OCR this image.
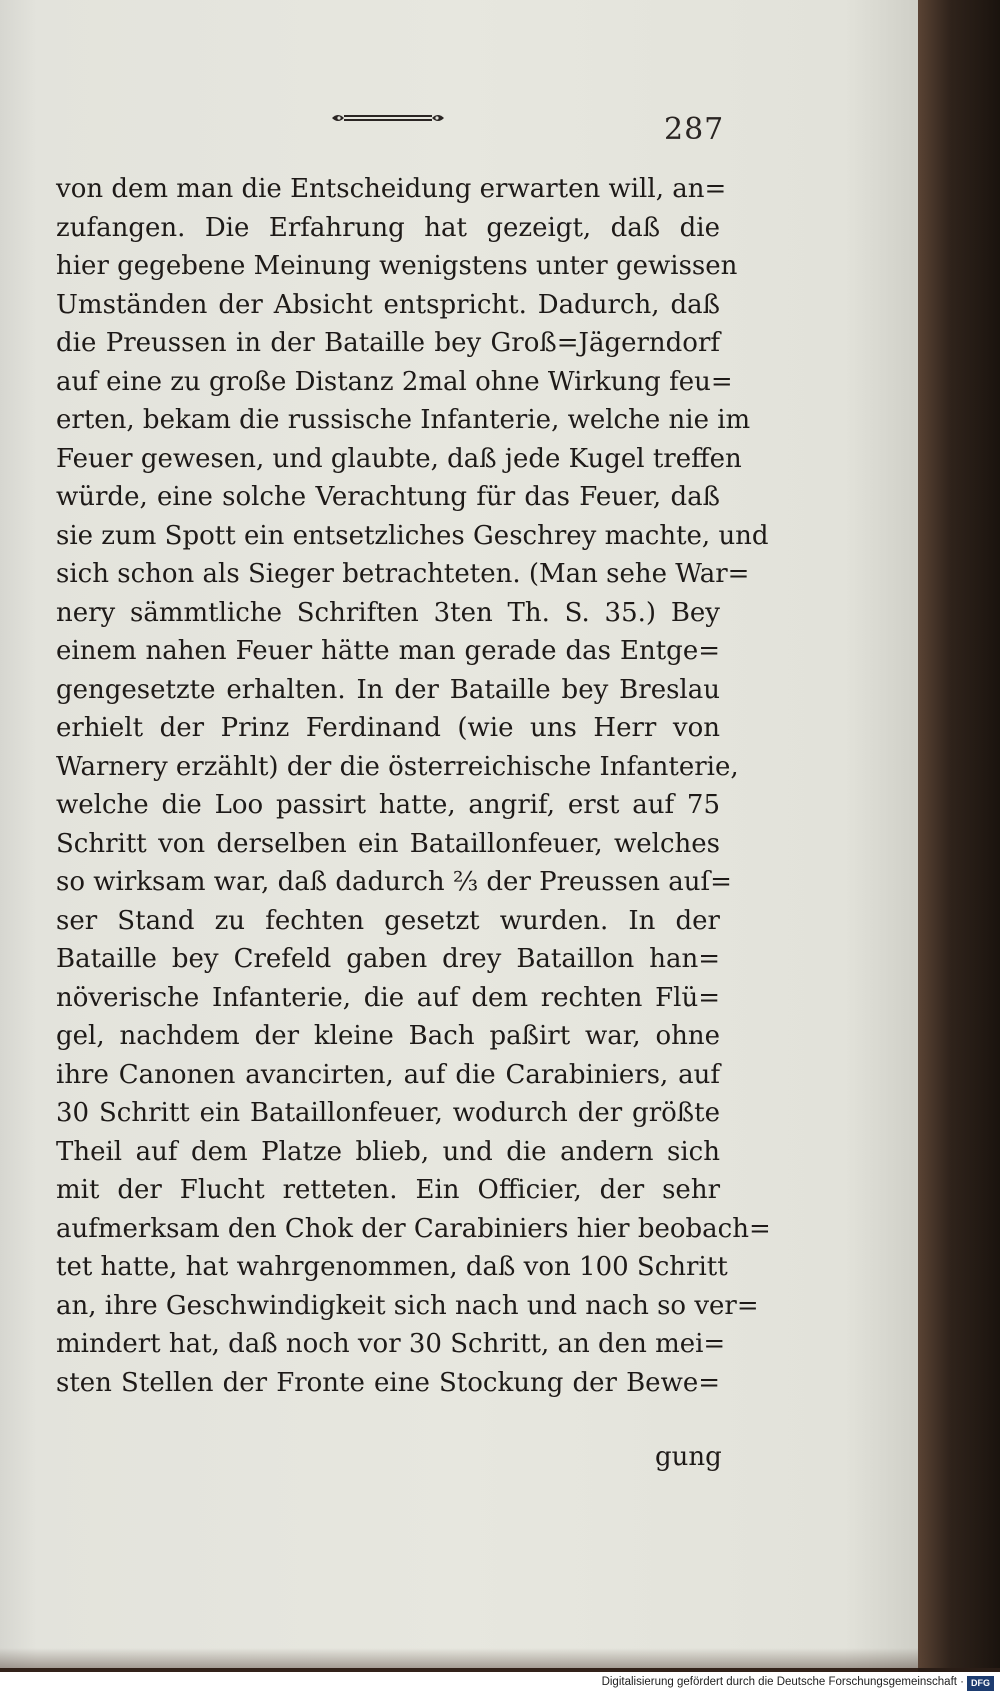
287
von dem man die Entscheidung erwarten will, an=
zufangen. Die Erfahrung hat gezeigt, daß die
hier gegebene Meinung wenigstens unter gewissen
Umständen der Absicht entspricht. Dadurch, daß
die Preussen in der Bataille bey Groß=Jägerndorf
auf eine zu große Distanz 2mal ohne Wirkung feu=
erten, bekam die russische Infanterie, welche nie im
Feuer gewesen, und glaubte, daß jede Kugel treffen
würde, eine solche Verachtung für das Feuer, daß
sie zum Spott ein entsetzliches Geschrey machte, und
sich schon als Sieger betrachteten. (Man sehe War=
nery sämmtliche Schriften 3ten Th. S. 35.) Bey
einem nahen Feuer hätte man gerade das Entge=
gengesetzte erhalten. In der Bataille bey Breslau
erhielt der Prinz Ferdinand (wie uns Herr von
Warnery erzählt) der die österreichische Infanterie,
welche die Loo passirt hatte, angrif, erst auf 75
Schritt von derselben ein Bataillonfeuer, welches
so wirksam war, daß dadurch ⅔ der Preussen auſ=
ser Stand zu fechten gesetzt wurden. In der
Bataille bey Crefeld gaben drey Bataillon han=
növerische Infanterie, die auf dem rechten Flü=
gel, nachdem der kleine Bach paßirt war, ohne
ihre Canonen avancirten, auf die Carabiniers, auf
30 Schritt ein Bataillonfeuer, wodurch der größte
Theil auf dem Platze blieb, und die andern sich
mit der Flucht retteten. Ein Officier, der sehr
aufmerksam den Chok der Carabiniers hier beobach=
tet hatte, hat wahrgenommen, daß von 100 Schritt
an, ihre Geschwindigkeit sich nach und nach so ver=
mindert hat, daß noch vor 30 Schritt, an den mei=
sten Stellen der Fronte eine Stockung der Bewe=
gung
Digitalisierung gefördert durch die Deutsche Forschungsgemeinschaft · DFG
